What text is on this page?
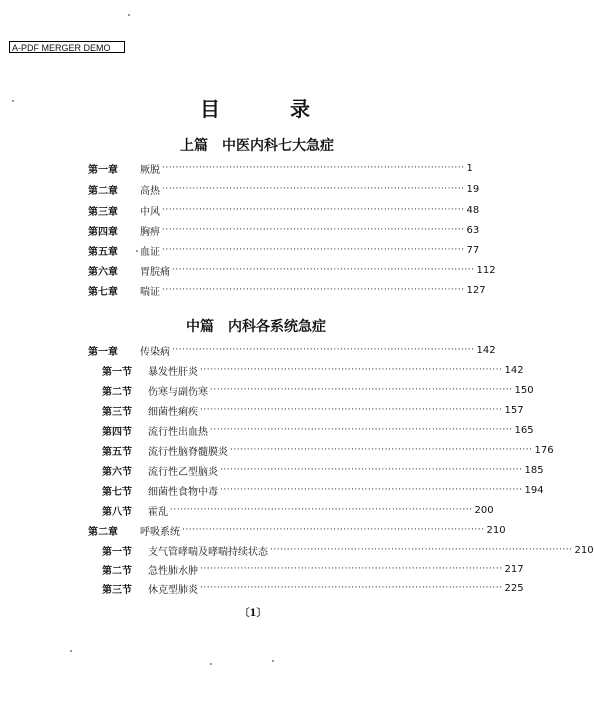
A-PDF MERGER DEMO
目	录
上篇 中医内科七大急症
第一章	厥脱 ·························································································· 1
第二章	高热 ·························································································· 19
第三章	中风 ·························································································· 48
第四章	胸痹 ·························································································· 63
第五章	血证 ·························································································· 77
第六章	胃脘痛 ·························································································· 112
第七章	喘证 ·························································································· 127
中篇 内科各系统急症
第一章	传染病 ·························································································· 142
第一节	暴发性肝炎 ·························································································· 142
第二节	伤寒与副伤寒 ·························································································· 150
第三节	细菌性痢疾 ·························································································· 157
第四节	流行性出血热 ·························································································· 165
第五节	流行性脑脊髓膜炎 ·························································································· 176
第六节	流行性乙型脑炎 ·························································································· 185
第七节	细菌性食物中毒 ·························································································· 194
第八节	霍乱 ·························································································· 200
第二章	呼吸系统 ·························································································· 210
第一节	支气管哮喘及哮喘持续状态 ·························································································· 210
第二节	急性肺水肿 ·························································································· 217
第三节	休克型肺炎 ·························································································· 225
〔1〕
